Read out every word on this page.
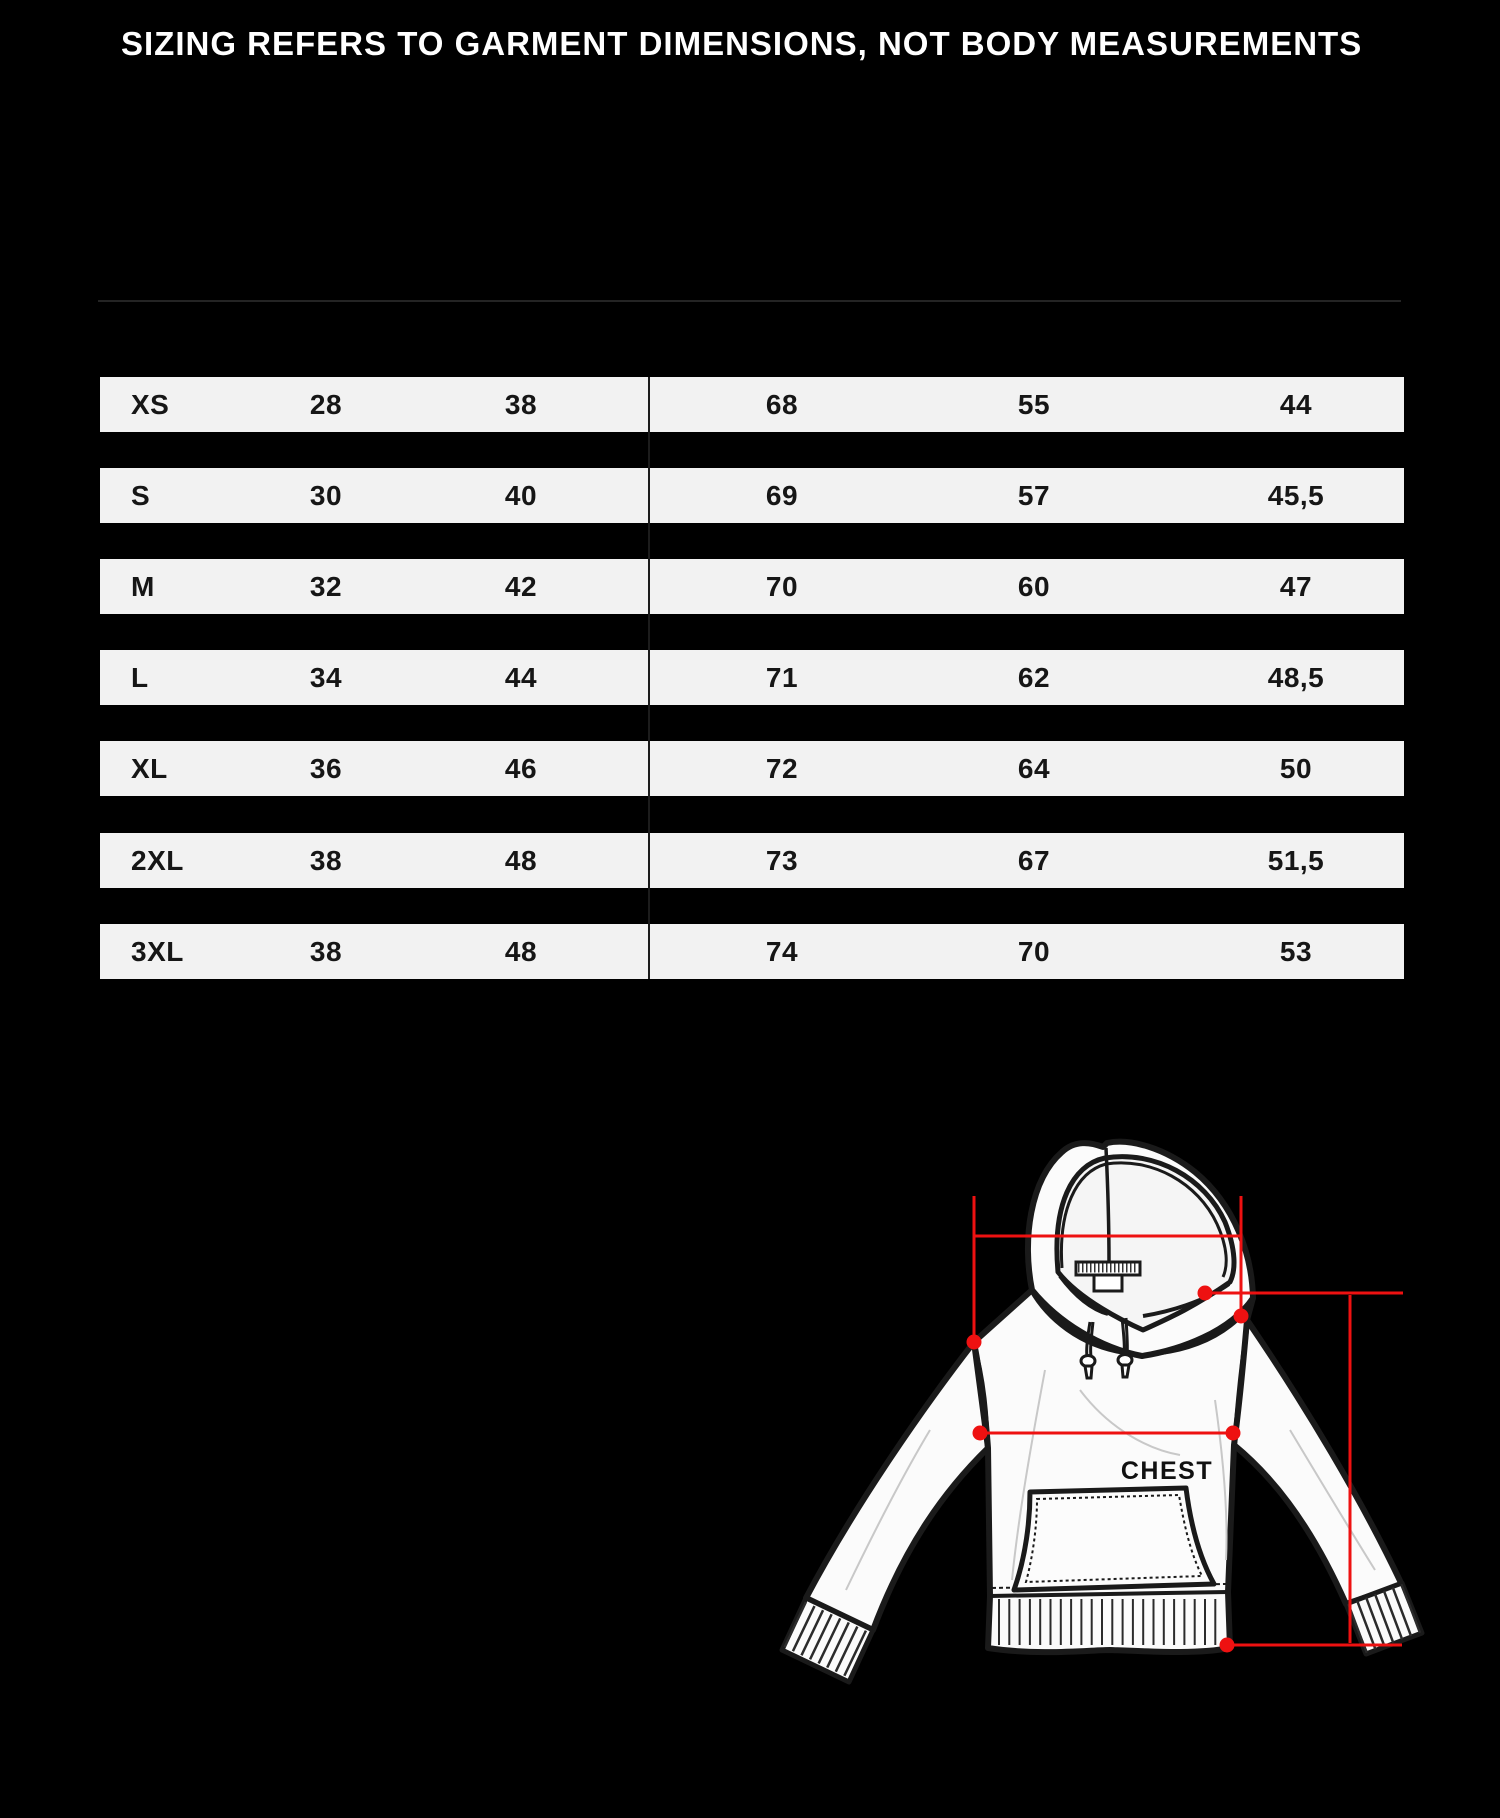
SIZING REFERS TO GARMENT DIMENSIONS, NOT BODY MEASUREMENTS
XS	28	38	68	55	44
S	30	40	69	57	45,5
M	32	42	70	60	47
L	34	44	71	62	48,5
XL	36	46	72	64	50
2XL	38	48	73	67	51,5
3XL	38	48	74	70	53
CHEST
